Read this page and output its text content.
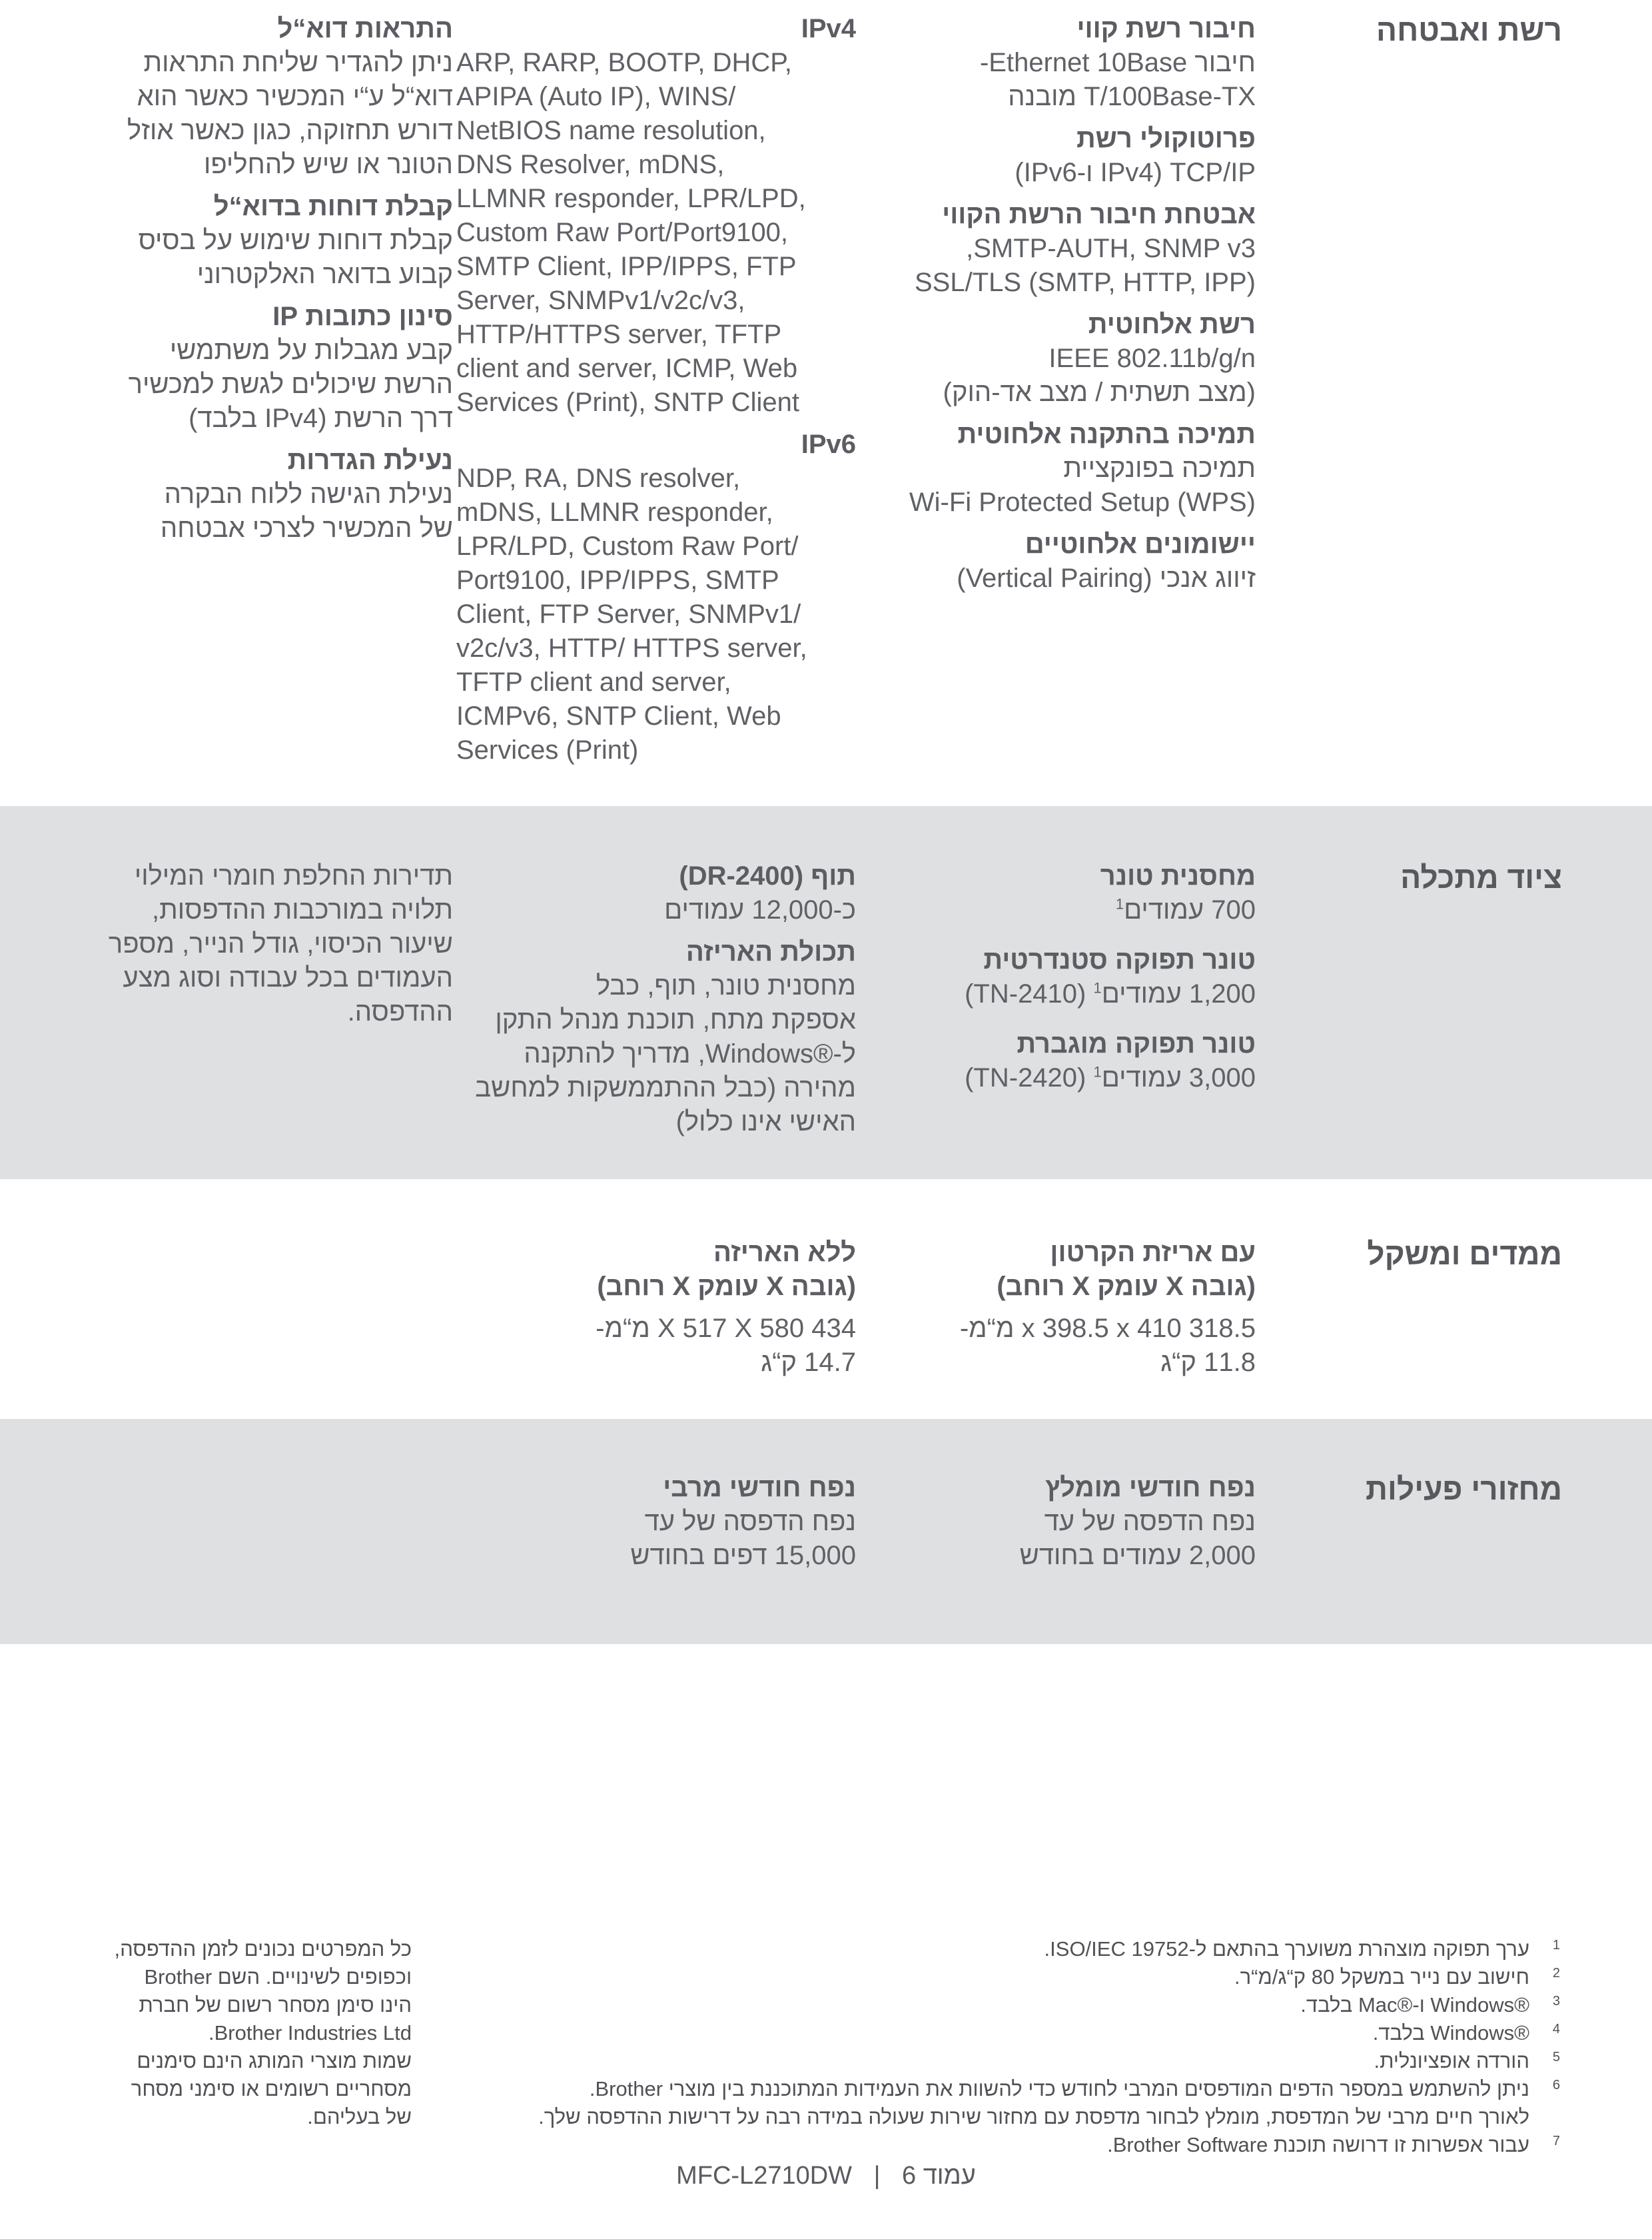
רשת ואבטחה
חיבור רשת קווי
חיבור ‎Ethernet 10Base-
‎T/100Base-TX‏ מובנה
פרוטוקולי רשת
TCP/IP (IPv4 ו-IPv6)
אבטחת חיבור הרשת הקווי
SMTP-AUTH, SNMP v3,
SSL/TLS (SMTP, HTTP, IPP)
רשת אלחוטית
IEEE 802.11b/g/n
(מצב תשתית / מצב אד-הוק)
תמיכה בהתקנה אלחוטית
תמיכה בפונקציית
Wi-Fi Protected Setup (WPS)
יישומונים אלחוטיים
זיווג אנכי (Vertical Pairing)
IPv4
ARP, RARP, BOOTP, DHCP,
APIPA (Auto IP), WINS/
NetBIOS name resolution,
DNS Resolver, mDNS,
LLMNR responder, LPR/LPD,
Custom Raw Port/Port9100,
SMTP Client, IPP/IPPS, FTP
Server, SNMPv1/v2c/v3,
HTTP/HTTPS server, TFTP
client and server, ICMP, Web
Services (Print), SNTP Client
IPv6
NDP, RA, DNS resolver,
mDNS, LLMNR responder,
LPR/LPD, Custom Raw Port/
Port9100, IPP/IPPS, SMTP
Client, FTP Server, SNMPv1/
v2c/v3, HTTP/ HTTPS server,
TFTP client and server,
ICMPv6, SNTP Client, Web
Services (Print)
התראות דוא“ל
ניתן להגדיר שליחת התראות
דוא“ל ע“י המכשיר כאשר הוא
דורש תחזוקה, כגון כאשר אוזל
הטונר או שיש להחליפו
קבלת דוחות בדוא“ל
קבלת דוחות שימוש על בסיס
קבוע בדואר האלקטרוני
סינון כתובות IP
קבע מגבלות על משתמשי
הרשת שיכולים לגשת למכשיר
דרך הרשת (IPv4 בלבד)
נעילת הגדרות
נעילת הגישה ללוח הבקרה
של המכשיר לצרכי אבטחה
ציוד מתכלה
מחסנית טונר
700 עמודים$^1$
טונר תפוקה סטנדרטית
1,200 עמודים$^1$ (TN-2410)
טונר תפוקה מוגברת
3,000 עמודים$^1$ (TN-2420)
תוף (DR-2400)
כ-12,000 עמודים
תכולת האריזה
מחסנית טונר, תוף, כבל
אספקת מתח, תוכנת מנהל התקן
ל-®Windows, מדריך להתקנה
מהירה (כבל ההתממשקות למחשב
האישי אינו כלול)
תדירות החלפת חומרי המילוי
תלויה במורכבות ההדפסות,
שיעור הכיסוי, גודל הנייר, מספר
העמודים בכל עבודה וסוג מצע
ההדפסה.
ממדים ומשקל
עם אריזת הקרטון
(גובה X עומק X רוחב)
318.5 x 398.5 x 410 מ“מ-
11.8 ק“ג
ללא האריזה
(גובה X עומק X רוחב)
434 X 517 X 580 מ“מ-
14.7 ק“ג
מחזורי פעילות
נפח חודשי מומלץ
נפח הדפסה של עד
2,000 עמודים בחודש
נפח חודשי מרבי
נפח הדפסה של עד
15,000 דפים בחודש
1
ערך תפוקה מוצהרת משוערך בהתאם ל-ISO/IEC 19752.
2
חישוב עם נייר במשקל 80 ק“ג/מ“ר.
3
®Windows ו-®Mac בלבד.
4
®Windows בלבד.
5
הורדה אופציונלית.
6
ניתן להשתמש במספר הדפים המודפסים המרבי לחודש כדי להשוות את העמידות המתוכננת בין מוצרי Brother.
לאורך חיים מרבי של המדפסת, מומלץ לבחור מדפסת עם מחזור שירות שעולה במידה רבה על דרישות ההדפסה שלך.
7
עבור אפשרות זו דרושה תוכנת Brother Software.
כל המפרטים נכונים לזמן ההדפסה,
וכפופים לשינויים. השם Brother
הינו סימן מסחר רשום של חברת
Brother Industries Ltd.
שמות מוצרי המותג הינם סימנים
מסחריים רשומים או סימני מסחר
של בעליהם.
MFC-L2710DW | עמוד 6
